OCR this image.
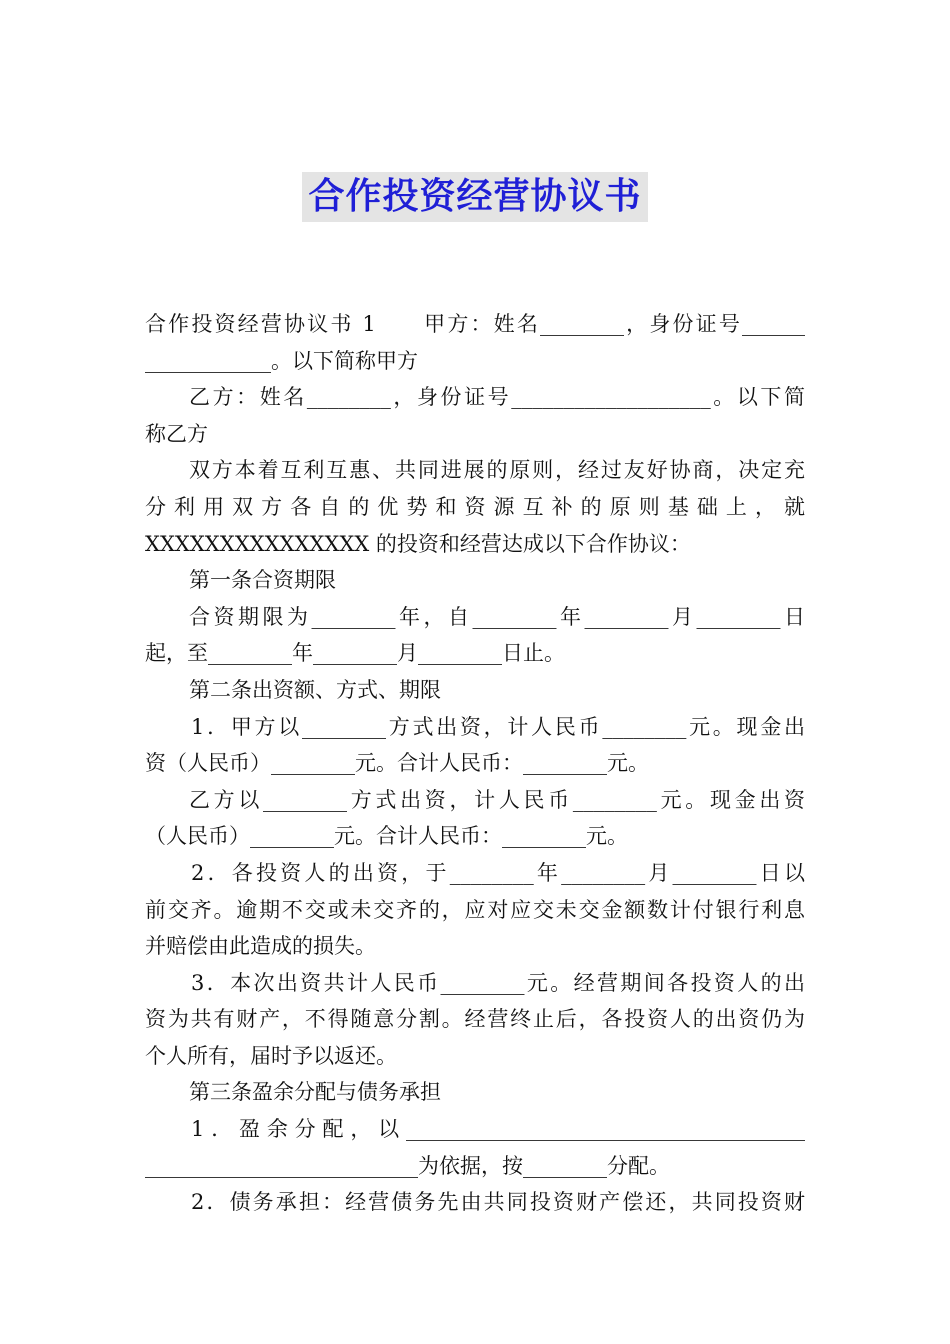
合作投资经营协议书
合作投资经营协议书 1　　甲方：姓名________，身份证号______
____________。以下简称甲方
乙方：姓名________，身份证号___________________。以下简
称乙方
双方本着互利互惠、共同进展的原则，经过友好协商，决定充
分利用双方各自的优势和资源互补的原则基础上，就
XXXXXXXXXXXXXXX 的投资和经营达成以下合作协议：
第一条合资期限
合资期限为________年，自________年________月________日
起，至________年________月________日止。
第二条出资额、方式、期限
1．甲方以________方式出资，计人民币________元。现金出
资（人民币）________元。合计人民币：________元。
乙方以________方式出资，计人民币________元。现金出资
（人民币）________元。合计人民币：________元。
2．各投资人的出资，于________年________月________日以
前交齐。逾期不交或未交齐的，应对应交未交金额数计付银行利息
并赔偿由此造成的损失。
3．本次出资共计人民币________元。经营期间各投资人的出
资为共有财产，不得随意分割。经营终止后，各投资人的出资仍为
个人所有，届时予以返还。
第三条盈余分配与债务承担
1．盈余分配，以______________________________________
__________________________为依据，按________分配。
2．债务承担：经营债务先由共同投资财产偿还，共同投资财
